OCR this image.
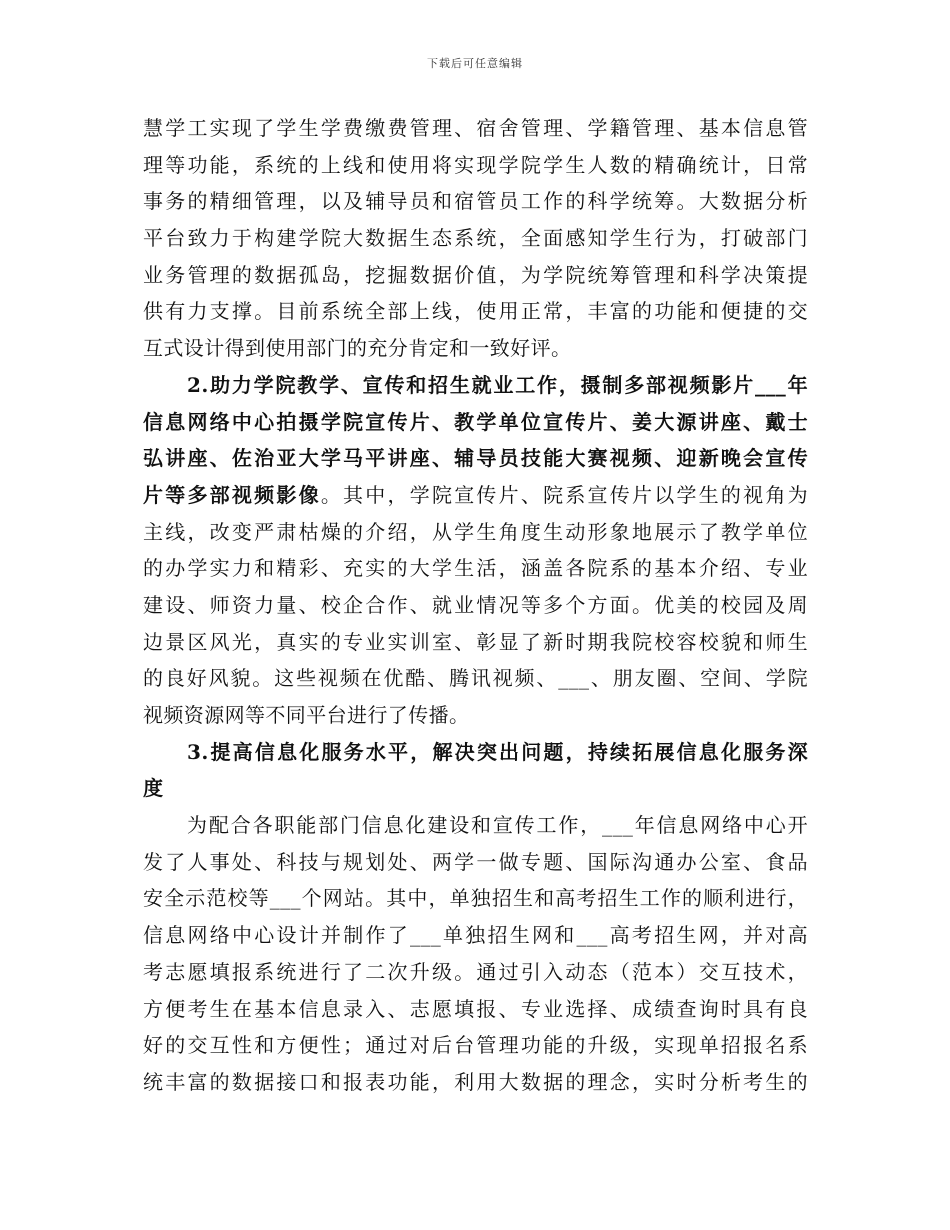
下载后可任意编辑
慧学工实现了学生学费缴费管理、宿舍管理、学籍管理、基本信息管
理等功能，系统的上线和使用将实现学院学生人数的精确统计，日常
事务的精细管理，以及辅导员和宿管员工作的科学统筹。大数据分析
平台致力于构建学院大数据生态系统，全面感知学生行为，打破部门
业务管理的数据孤岛，挖掘数据价值，为学院统筹管理和科学决策提
供有力支撑。目前系统全部上线，使用正常，丰富的功能和便捷的交
互式设计得到使用部门的充分肯定和一致好评。
2.助力学院教学、宣传和招生就业工作，摄制多部视频影片___年
信息网络中心拍摄学院宣传片、教学单位宣传片、姜大源讲座、戴士
弘讲座、佐治亚大学马平讲座、辅导员技能大赛视频、迎新晚会宣传
片等多部视频影像。其中，学院宣传片、院系宣传片以学生的视角为
主线，改变严肃枯燥的介绍，从学生角度生动形象地展示了教学单位
的办学实力和精彩、充实的大学生活，涵盖各院系的基本介绍、专业
建设、师资力量、校企合作、就业情况等多个方面。优美的校园及周
边景区风光，真实的专业实训室、彰显了新时期我院校容校貌和师生
的良好风貌。这些视频在优酷、腾讯视频、___、朋友圈、空间、学院
视频资源网等不同平台进行了传播。
3.提高信息化服务水平，解决突出问题，持续拓展信息化服务深
度
为配合各职能部门信息化建设和宣传工作，___年信息网络中心开
发了人事处、科技与规划处、两学一做专题、国际沟通办公室、食品
安全示范校等___个网站。其中，单独招生和高考招生工作的顺利进行，
信息网络中心设计并制作了___单独招生网和___高考招生网，并对高
考志愿填报系统进行了二次升级。通过引入动态（范本）交互技术，
方便考生在基本信息录入、志愿填报、专业选择、成绩查询时具有良
好的交互性和方便性；通过对后台管理功能的升级，实现单招报名系
统丰富的数据接口和报表功能，利用大数据的理念，实时分析考生的
